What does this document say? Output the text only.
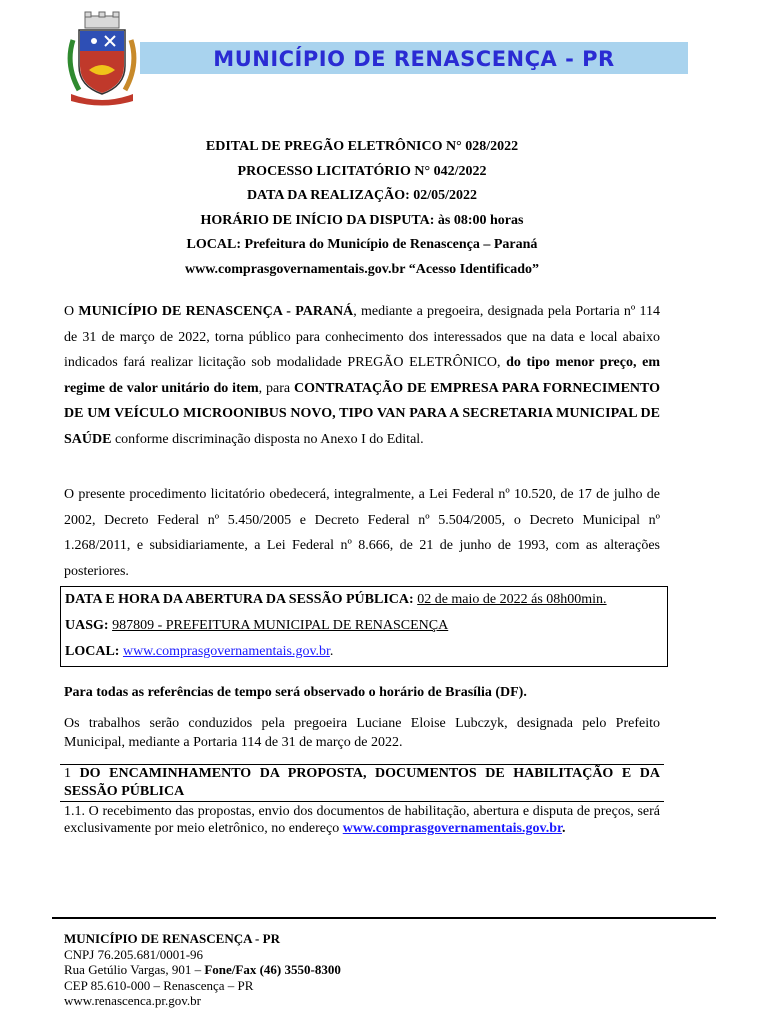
MUNICÍPIO DE RENASCENÇA - PR
EDITAL DE PREGÃO ELETRÔNICO N° 028/2022
PROCESSO LICITATÓRIO N° 042/2022
DATA DA REALIZAÇÃO: 02/05/2022
HORÁRIO DE INÍCIO DA DISPUTA: às 08:00 horas
LOCAL: Prefeitura do Município de Renascença – Paraná
www.comprasgovernamentais.gov.br “Acesso Identificado”

O MUNICÍPIO DE RENASCENÇA - PARANÁ, mediante a pregoeira, designada pela Portaria nº 114 de 31 de março de 2022, torna público para conhecimento dos interessados que na data e local abaixo indicados fará realizar licitação sob modalidade PREGÃO ELETRÔNICO, do tipo menor preço, em regime de valor unitário do item, para CONTRATAÇÃO DE EMPRESA PARA FORNECIMENTO DE UM VEÍCULO MICROONIBUS NOVO, TIPO VAN PARA A SECRETARIA MUNICIPAL DE SAÚDE conforme discriminação disposta no Anexo I do Edital.

O presente procedimento licitatório obedecerá, integralmente, a Lei Federal nº 10.520, de 17 de julho de 2002, Decreto Federal nº 5.450/2005 e Decreto Federal nº 5.504/2005, o Decreto Municipal nº 1.268/2011, e subsidiariamente, a Lei Federal nº 8.666, de 21 de junho de 1993, com as alterações posteriores.

DATA E HORA DA ABERTURA DA SESSÃO PÚBLICA: 02 de maio de 2022 ás 08h00min.
UASG: 987809 - PREFEITURA MUNICIPAL DE RENASCENÇA
LOCAL: www.comprasgovernamentais.gov.br.

Para todas as referências de tempo será observado o horário de Brasília (DF).

Os trabalhos serão conduzidos pela pregoeira Luciane Eloise Lubczyk, designada pelo Prefeito Municipal, mediante a Portaria 114 de 31 de março de 2022.

1 DO ENCAMINHAMENTO DA PROPOSTA, DOCUMENTOS DE HABILITAÇÃO E DA SESSÃO PÚBLICA

1.1. O recebimento das propostas, envio dos documentos de habilitação, abertura e disputa de preços, será exclusivamente por meio eletrônico, no endereço www.comprasgovernamentais.gov.br.

MUNICÍPIO DE RENASCENÇA - PR
CNPJ 76.205.681/0001-96
Rua Getúlio Vargas, 901 – Fone/Fax (46) 3550-8300
CEP 85.610-000 – Renascença – PR
www.renascenca.pr.gov.br
